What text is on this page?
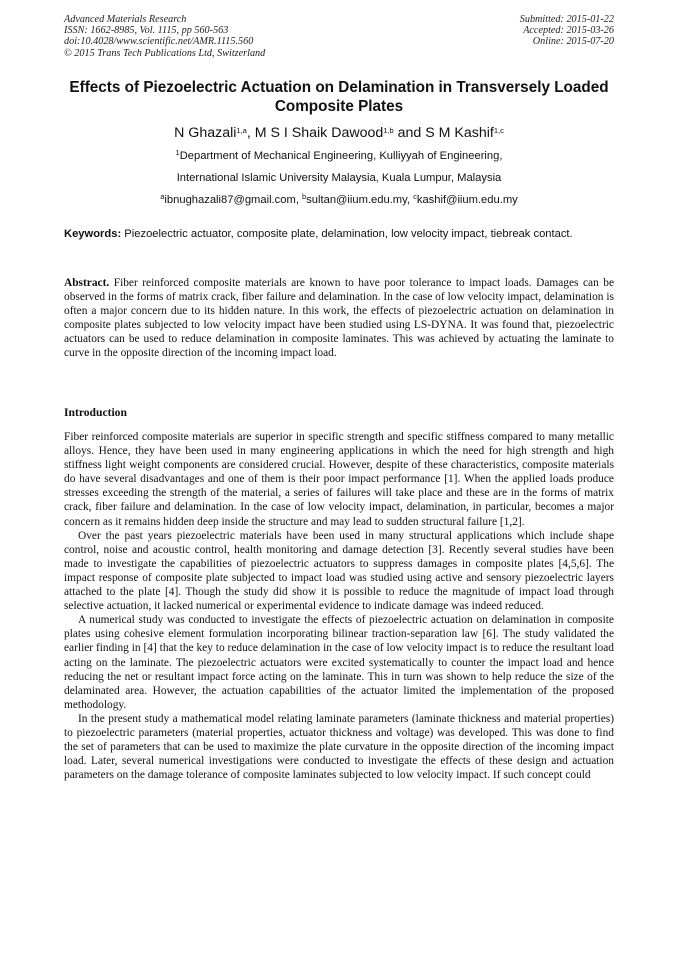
Advanced Materials Research
ISSN: 1662-8985, Vol. 1115, pp 560-563
doi:10.4028/www.scientific.net/AMR.1115.560
© 2015 Trans Tech Publications Ltd, Switzerland
Submitted: 2015-01-22
Accepted: 2015-03-26
Online: 2015-07-20
Effects of Piezoelectric Actuation on Delamination in Transversely Loaded Composite Plates
N Ghazali$^{1,a}$, M S I Shaik Dawood$^{1,b}$ and S M Kashif$^{1,c}$
$^1$Department of Mechanical Engineering, Kulliyyah of Engineering,
International Islamic University Malaysia, Kuala Lumpur, Malaysia
$^a$ibnughazali87@gmail.com, $^b$sultan@iium.edu.my, $^c$kashif@iium.edu.my
Keywords: Piezoelectric actuator, composite plate, delamination, low velocity impact, tiebreak contact.
Abstract. Fiber reinforced composite materials are known to have poor tolerance to impact loads. Damages can be observed in the forms of matrix crack, fiber failure and delamination. In the case of low velocity impact, delamination is often a major concern due to its hidden nature. In this work, the effects of piezoelectric actuation on delamination in composite plates subjected to low velocity impact have been studied using LS-DYNA. It was found that, piezoelectric actuators can be used to reduce delamination in composite laminates. This was achieved by actuating the laminate to curve in the opposite direction of the incoming impact load.
Introduction

Fiber reinforced composite materials are superior in specific strength and specific stiffness compared to many metallic alloys. Hence, they have been used in many engineering applications in which the need for high strength and high stiffness light weight components are considered crucial. However, despite of these characteristics, composite materials do have several disadvantages and one of them is their poor impact performance [1]. When the applied loads produce stresses exceeding the strength of the material, a series of failures will take place and these are in the forms of matrix crack, fiber failure and delamination. In the case of low velocity impact, delamination, in particular, becomes a major concern as it remains hidden deep inside the structure and may lead to sudden structural failure [1,2].

Over the past years piezoelectric materials have been used in many structural applications which include shape control, noise and acoustic control, health monitoring and damage detection [3]. Recently several studies have been made to investigate the capabilities of piezoelectric actuators to suppress damages in composite plates [4,5,6]. The impact response of composite plate subjected to impact load was studied using active and sensory piezoelectric layers attached to the plate [4]. Though the study did show it is possible to reduce the magnitude of impact load through selective actuation, it lacked numerical or experimental evidence to indicate damage was indeed reduced.

A numerical study was conducted to investigate the effects of piezoelectric actuation on delamination in composite plates using cohesive element formulation incorporating bilinear traction-separation law [6]. The study validated the earlier finding in [4] that the key to reduce delamination in the case of low velocity impact is to reduce the resultant load acting on the laminate. The piezoelectric actuators were excited systematically to counter the impact load and hence reducing the net or resultant impact force acting on the laminate. This in turn was shown to help reduce the size of the delaminated area. However, the actuation capabilities of the actuator limited the implementation of the proposed methodology.

In the present study a mathematical model relating laminate parameters (laminate thickness and material properties) to piezoelectric parameters (material properties, actuator thickness and voltage) was developed. This was done to find the set of parameters that can be used to maximize the plate curvature in the opposite direction of the incoming impact load. Later, several numerical investigations were conducted to investigate the effects of these design and actuation parameters on the damage tolerance of composite laminates subjected to low velocity impact. If such concept could
